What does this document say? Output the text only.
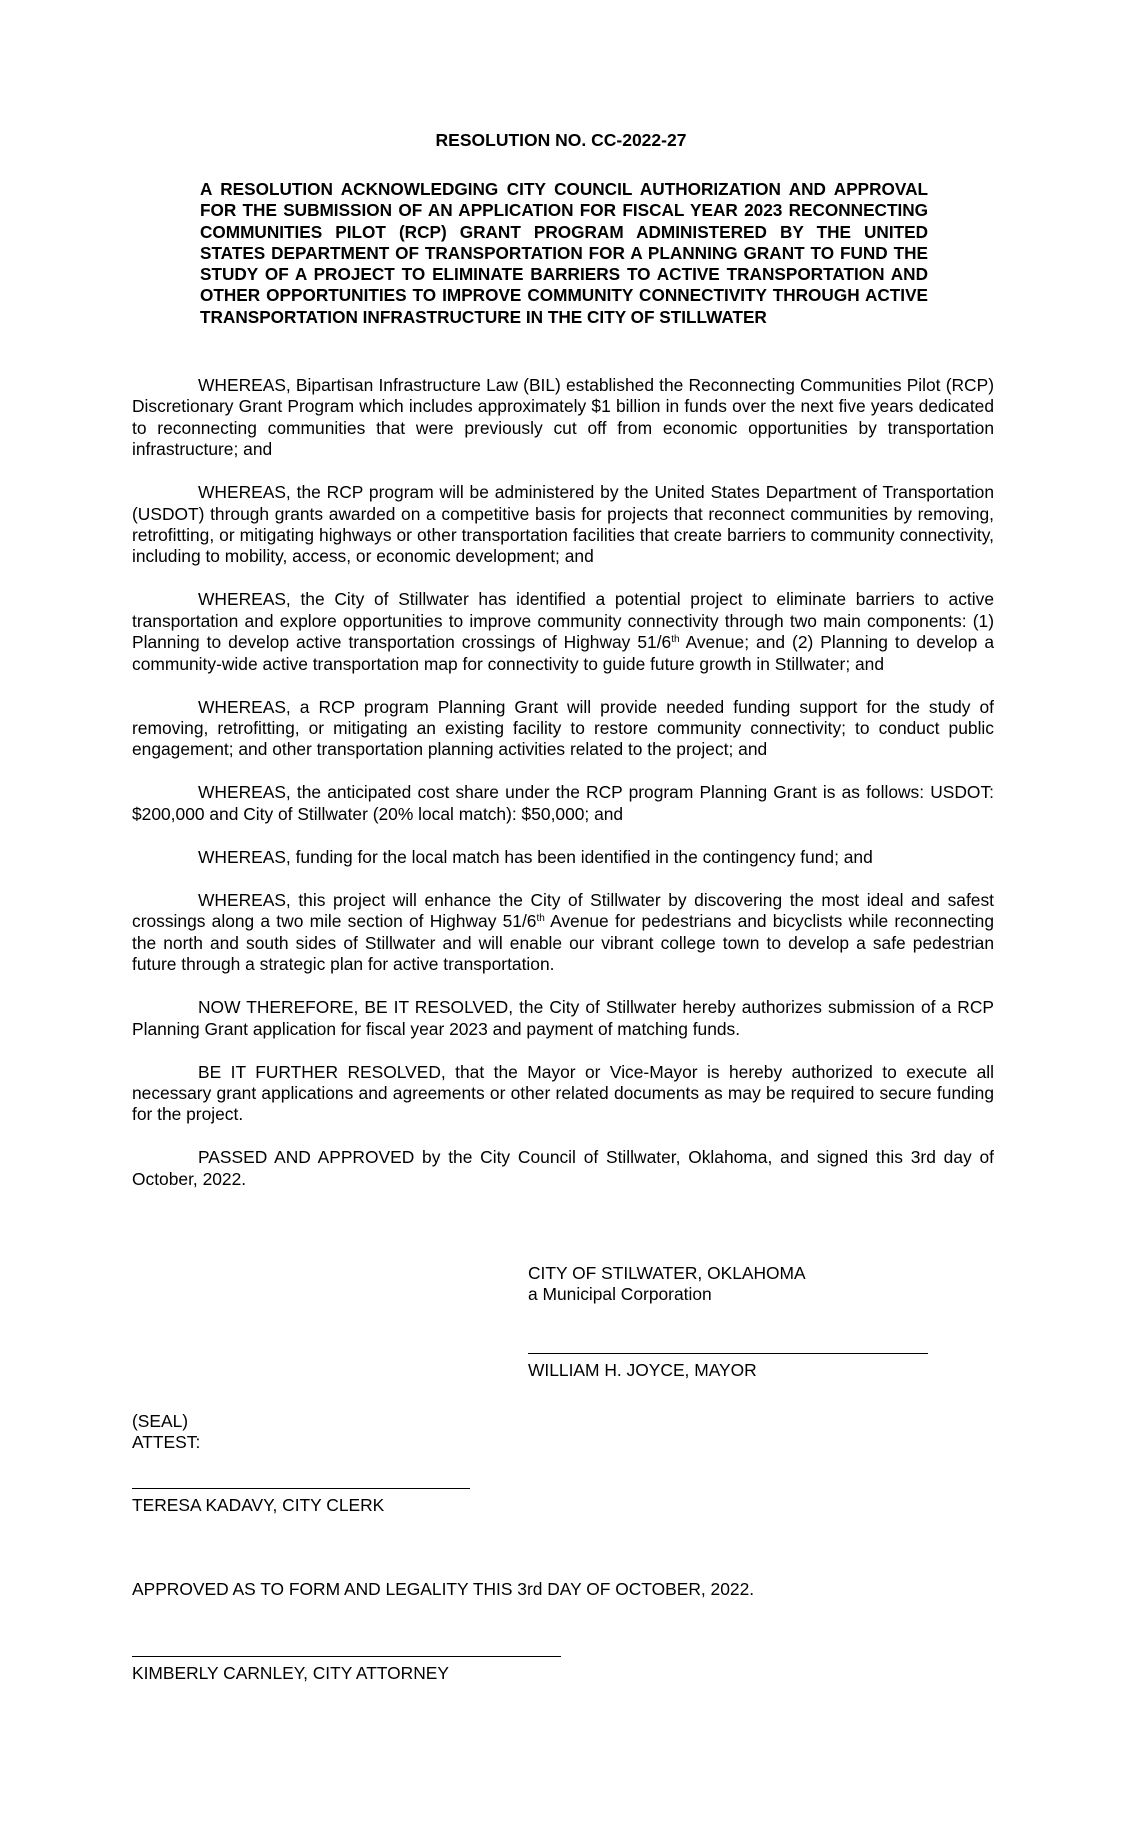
RESOLUTION NO. CC-2022-27
A RESOLUTION ACKNOWLEDGING CITY COUNCIL AUTHORIZATION AND APPROVAL FOR THE SUBMISSION OF AN APPLICATION FOR FISCAL YEAR 2023 RECONNECTING COMMUNITIES PILOT (RCP) GRANT PROGRAM ADMINISTERED BY THE UNITED STATES DEPARTMENT OF TRANSPORTATION FOR A PLANNING GRANT TO FUND THE STUDY OF A PROJECT TO ELIMINATE BARRIERS TO ACTIVE TRANSPORTATION AND OTHER OPPORTUNITIES TO IMPROVE COMMUNITY CONNECTIVITY THROUGH ACTIVE TRANSPORTATION INFRASTRUCTURE IN THE CITY OF STILLWATER

WHEREAS, Bipartisan Infrastructure Law (BIL) established the Reconnecting Communities Pilot (RCP) Discretionary Grant Program which includes approximately $1 billion in funds over the next five years dedicated to reconnecting communities that were previously cut off from economic opportunities by transportation infrastructure; and

WHEREAS, the RCP program will be administered by the United States Department of Transportation (USDOT) through grants awarded on a competitive basis for projects that reconnect communities by removing, retrofitting, or mitigating highways or other transportation facilities that create barriers to community connectivity, including to mobility, access, or economic development; and

WHEREAS, the City of Stillwater has identified a potential project to eliminate barriers to active transportation and explore opportunities to improve community connectivity through two main components: (1) Planning to develop active transportation crossings of Highway 51/6th Avenue; and (2) Planning to develop a community-wide active transportation map for connectivity to guide future growth in Stillwater; and

WHEREAS, a RCP program Planning Grant will provide needed funding support for the study of removing, retrofitting, or mitigating an existing facility to restore community connectivity; to conduct public engagement; and other transportation planning activities related to the project; and

WHEREAS, the anticipated cost share under the RCP program Planning Grant is as follows: USDOT: $200,000 and City of Stillwater (20% local match): $50,000; and

WHEREAS, funding for the local match has been identified in the contingency fund; and

WHEREAS, this project will enhance the City of Stillwater by discovering the most ideal and safest crossings along a two mile section of Highway 51/6th Avenue for pedestrians and bicyclists while reconnecting the north and south sides of Stillwater and will enable our vibrant college town to develop a safe pedestrian future through a strategic plan for active transportation.

NOW THEREFORE, BE IT RESOLVED, the City of Stillwater hereby authorizes submission of a RCP Planning Grant application for fiscal year 2023 and payment of matching funds.

BE IT FURTHER RESOLVED, that the Mayor or Vice-Mayor is hereby authorized to execute all necessary grant applications and agreements or other related documents as may be required to secure funding for the project.

PASSED AND APPROVED by the City Council of Stillwater, Oklahoma, and signed this 3rd day of October, 2022.

CITY OF STILWATER, OKLAHOMA
a Municipal Corporation
WILLIAM H. JOYCE, MAYOR
(SEAL)
ATTEST:
TERESA KADAVY, CITY CLERK
APPROVED AS TO FORM AND LEGALITY THIS 3rd DAY OF OCTOBER, 2022.
KIMBERLY CARNLEY, CITY ATTORNEY
